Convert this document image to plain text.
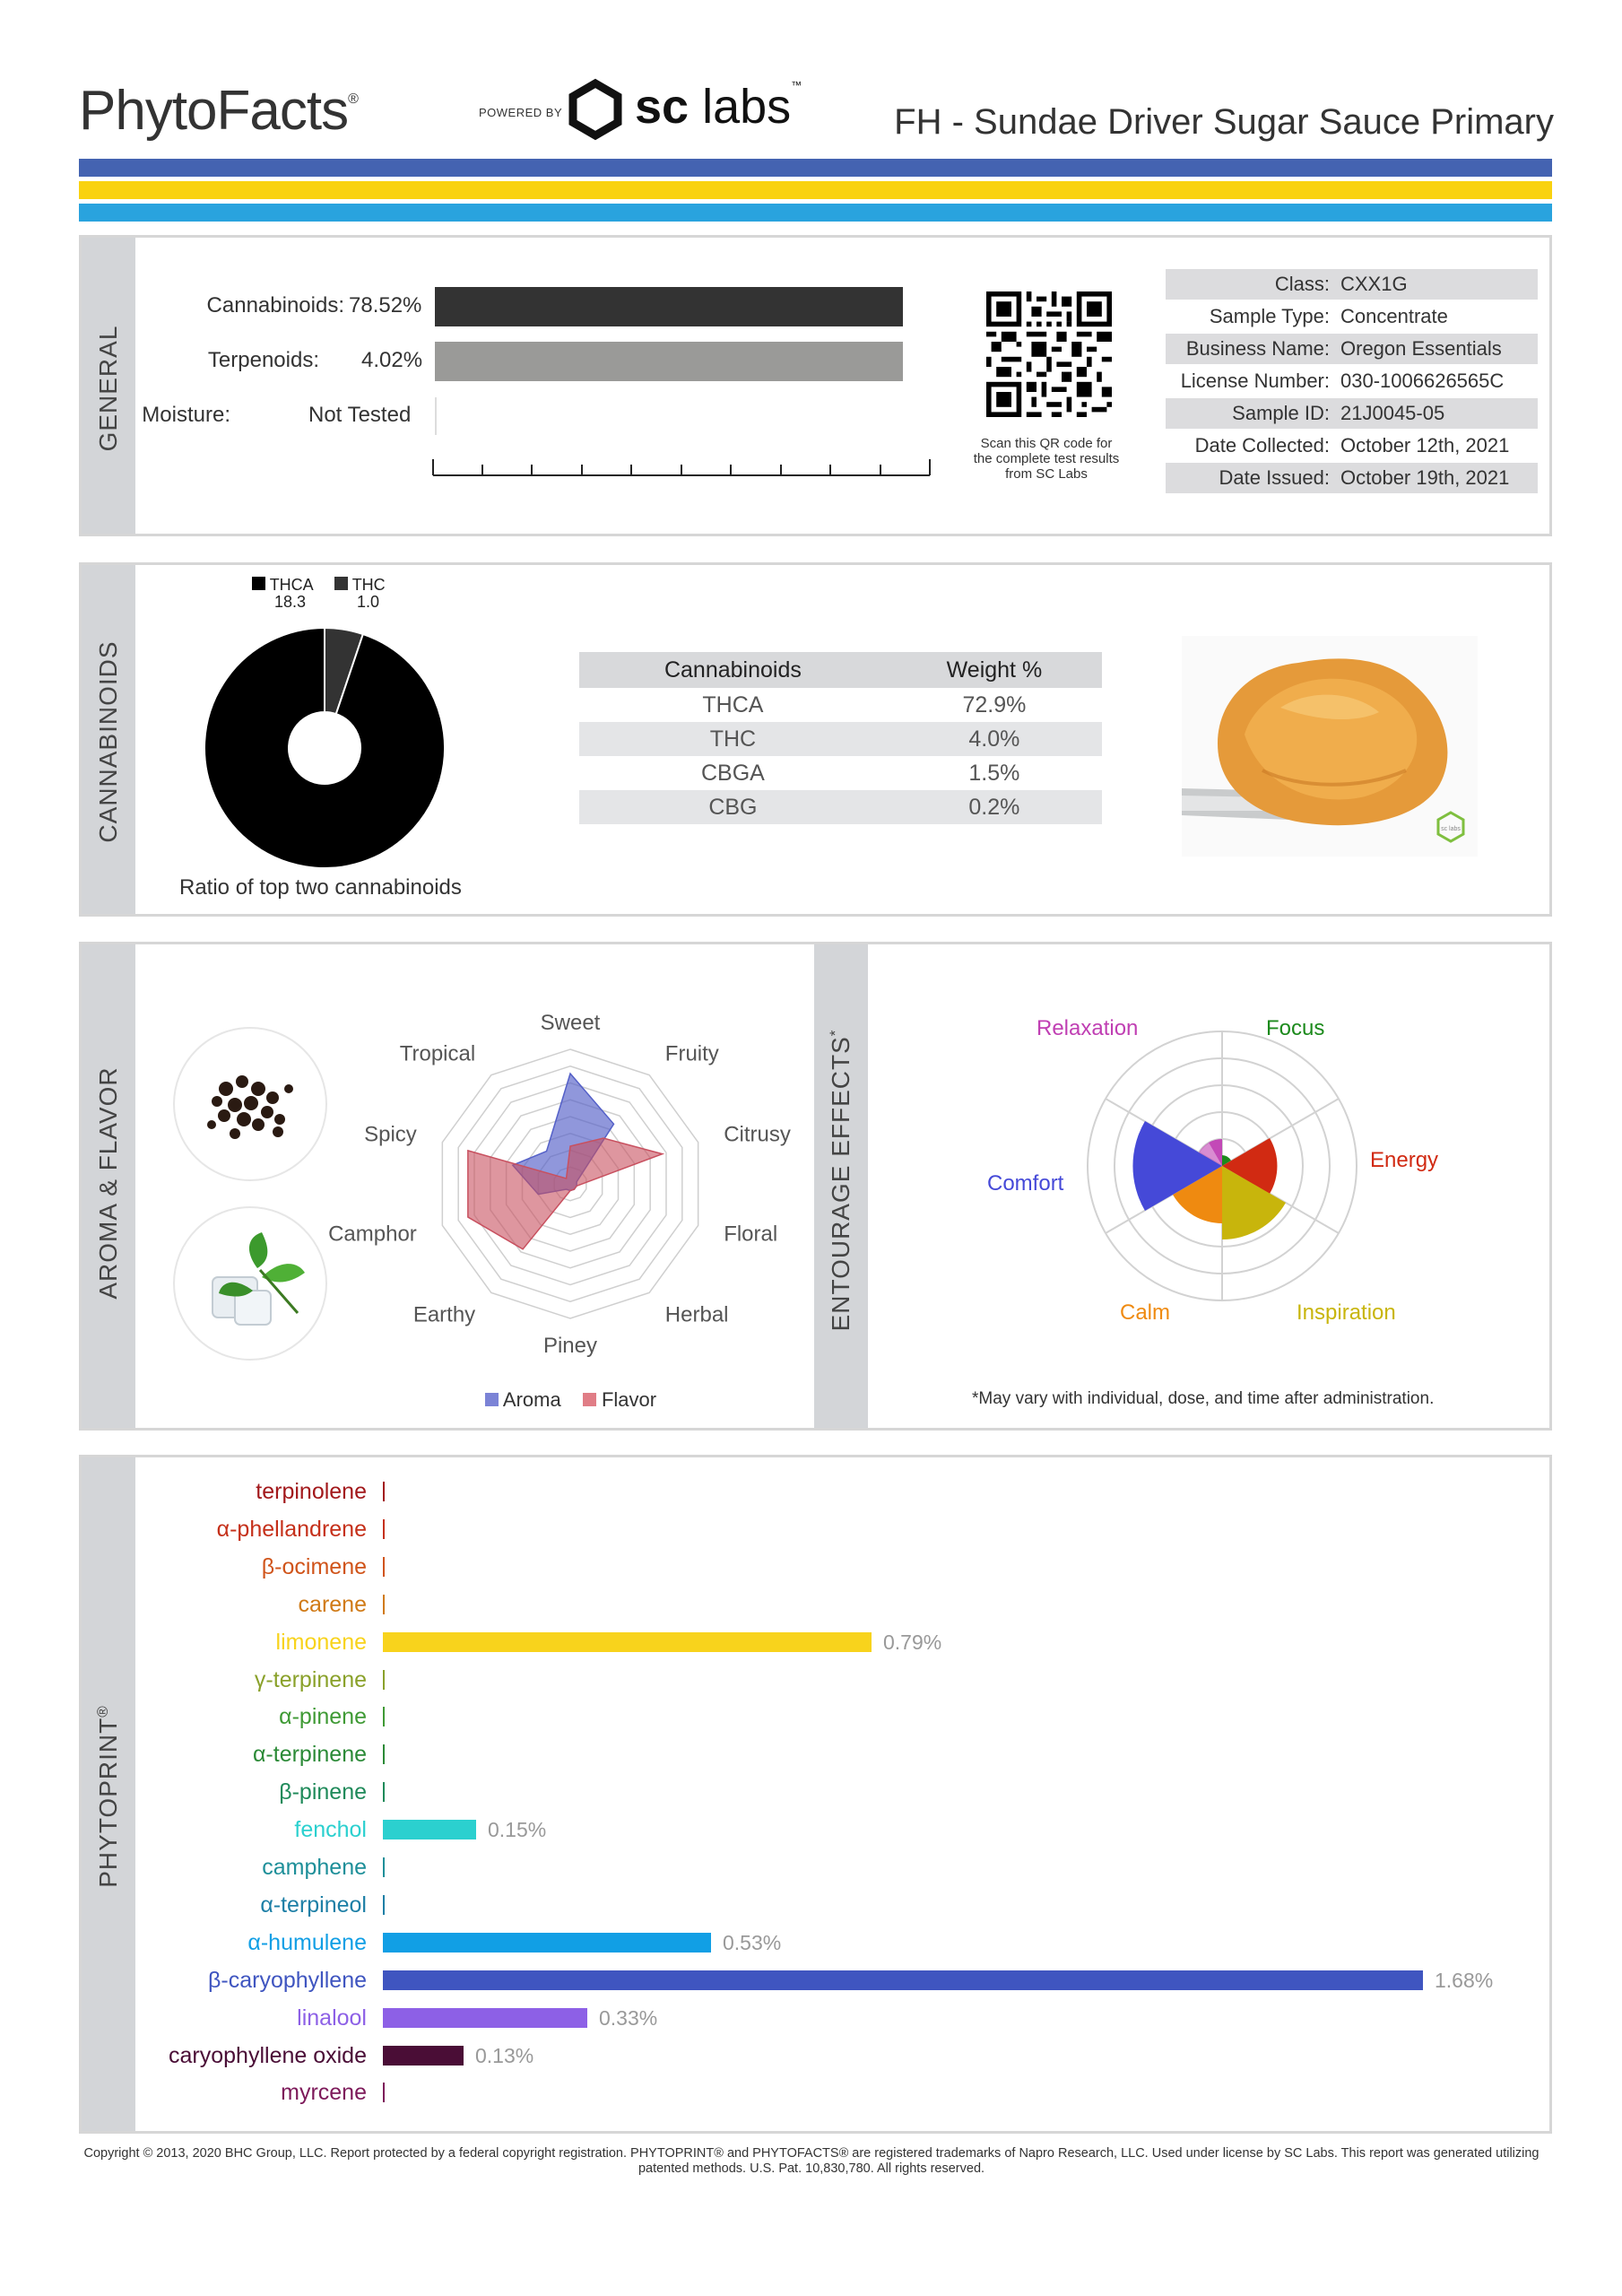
PhytoFacts®
POWERED BY sc labs™
FH - Sundae Driver Sugar Sauce Primary
GENERAL
Cannabinoids: 78.52%
Terpenoids: 4.02%
Moisture:	Not Tested
Scan this QR code for the complete test results from SC Labs
Class: CXX1G
Sample Type: Concentrate
Business Name: Oregon Essentials
License Number: 030-1006626565C
Sample ID: 21J0045-05
Date Collected: October 12th, 2021
Date Issued: October 19th, 2021
CANNABINOIDS
THCA
18.3
THC
1.0
Ratio of top two cannabinoids
Cannabinoids	Weight %
THCA	72.9%
THC	4.0%
CBGA	1.5%
CBG	0.2%
sc labs
AROMA & FLAVOR	ENTOURAGE EFFECTS*
Sweet
Fruity
Citrusy
Floral
Herbal
Piney
Earthy
Camphor
Spicy
Tropical
Aroma Flavor
Relaxation	Focus
Energy
Inspiration
Calm
Comfort
*May vary with individual, dose, and time after administration.
PHYTOPRINT®
terpinolene
α-phellandrene
β-ocimene
carene
limonene	0.79%
γ-terpinene
α-pinene
α-terpinene
β-pinene
fenchol	0.15%
camphene
α-terpineol
α-humulene	0.53%
β-caryophyllene	1.68%
linalool	0.33%
caryophyllene oxide	0.13%
myrcene
Copyright © 2013, 2020 BHC Group, LLC. Report protected by a federal copyright registration. PHYTOPRINT® and PHYTOFACTS® are registered trademarks of Napro Research, LLC. Used under license by SC Labs. This report was generated utilizing patented methods. U.S. Pat. 10,830,780. All rights reserved.
